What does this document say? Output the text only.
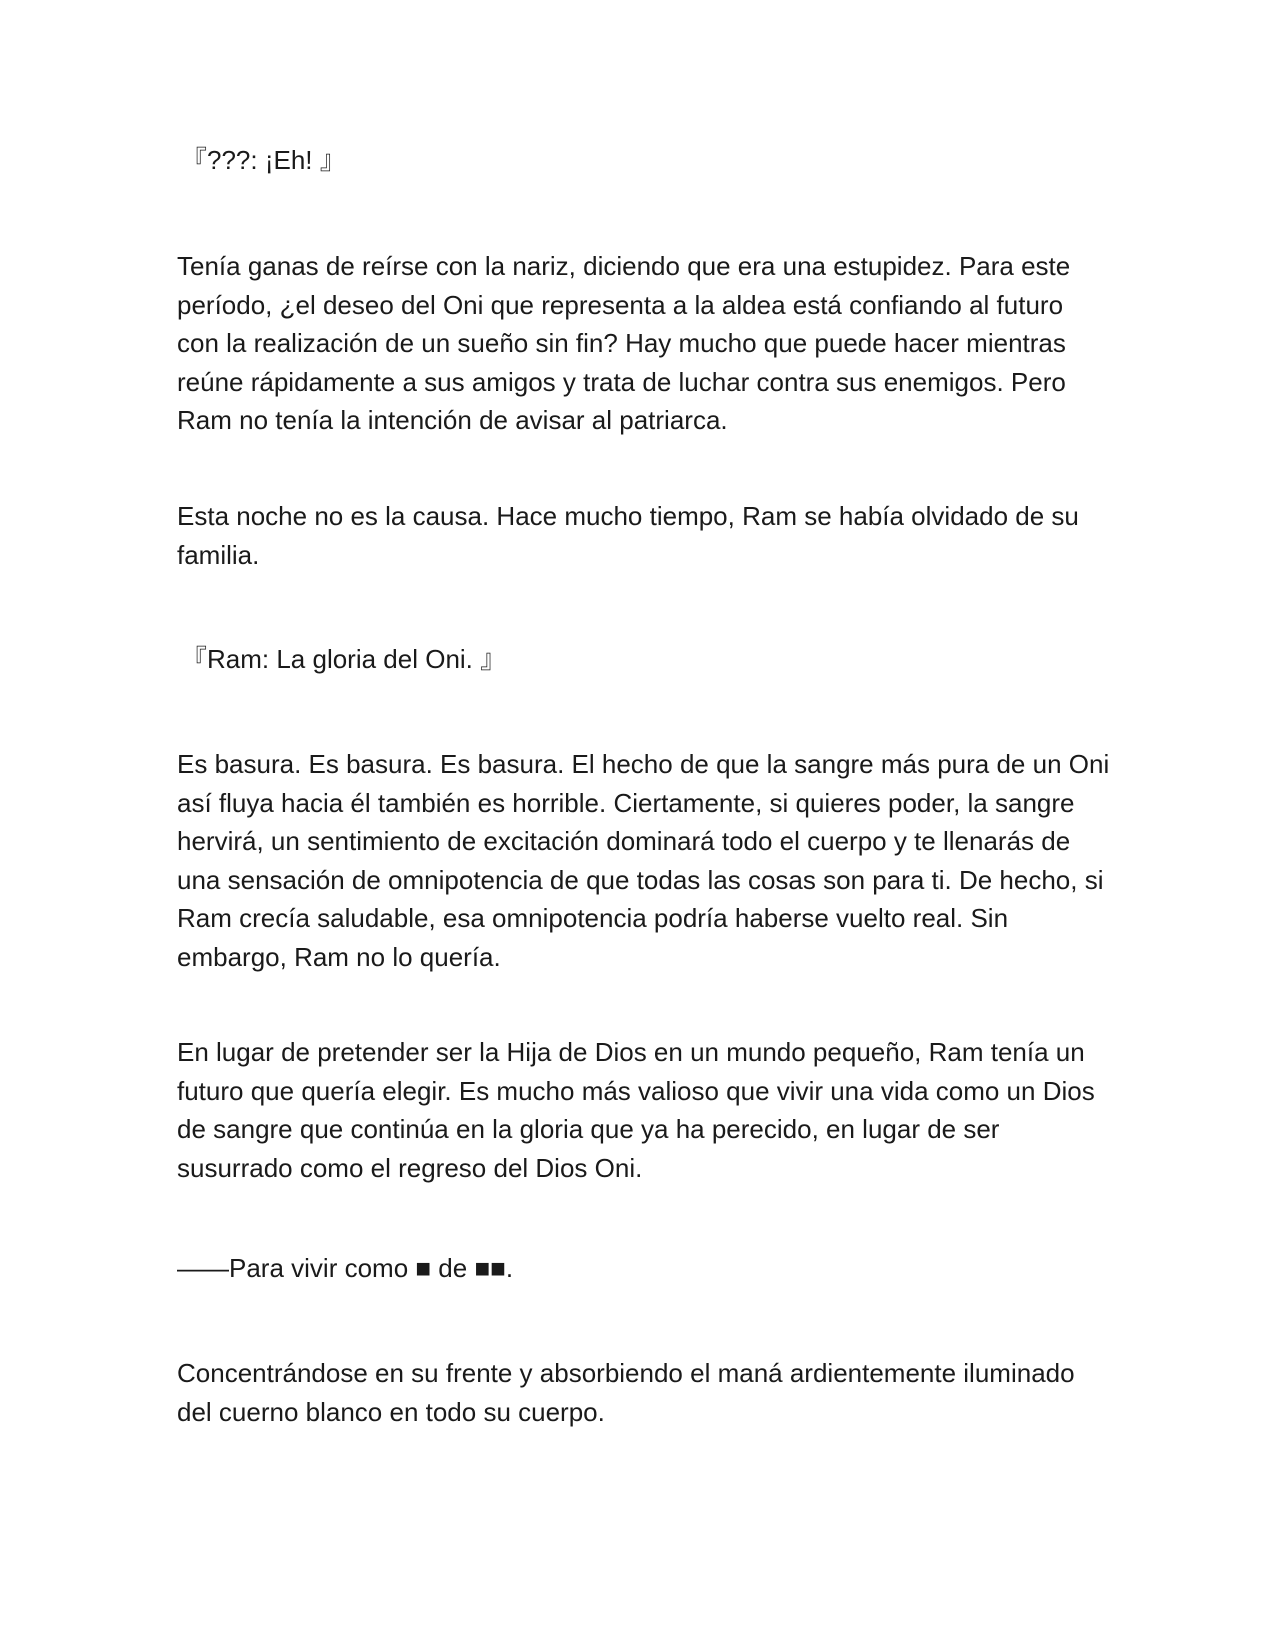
『???: ¡Eh! 』

Tenía ganas de reírse con la nariz, diciendo que era una estupidez. Para este período, ¿el deseo del Oni que representa a la aldea está confiando al futuro con la realización de un sueño sin fin? Hay mucho que puede hacer mientras reúne rápidamente a sus amigos y trata de luchar contra sus enemigos. Pero Ram no tenía la intención de avisar al patriarca.

Esta noche no es la causa. Hace mucho tiempo, Ram se había olvidado de su familia.

『Ram: La gloria del Oni. 』

Es basura. Es basura. Es basura. El hecho de que la sangre más pura de un Oni así fluya hacia él también es horrible. Ciertamente, si quieres poder, la sangre hervirá, un sentimiento de excitación dominará todo el cuerpo y te llenarás de una sensación de omnipotencia de que todas las cosas son para ti. De hecho, si Ram crecía saludable, esa omnipotencia podría haberse vuelto real. Sin embargo, Ram no lo quería.

En lugar de pretender ser la Hija de Dios en un mundo pequeño, Ram tenía un futuro que quería elegir. Es mucho más valioso que vivir una vida como un Dios de sangre que continúa en la gloria que ya ha perecido, en lugar de ser susurrado como el regreso del Dios Oni.

——Para vivir como ■ de ■■.

Concentrándose en su frente y absorbiendo el maná ardientemente iluminado del cuerno blanco en todo su cuerpo.
